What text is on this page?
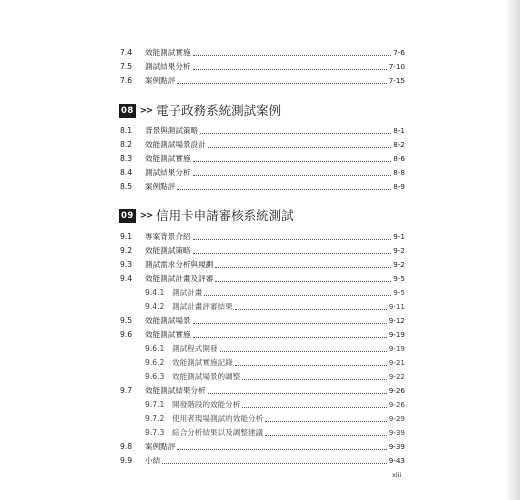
7.4	效能測試實施	7-6
7.5	測試結果分析	7-10
7.6	案例點評	7-15
08 >> 電子政務系統測試案例
8.1	背景與測試策略	8-1
8.2	效能測試場景設計	8-2
8.3	效能測試實施	8-6
8.4	測試結果分析	8-8
8.5	案例點評	8-9
09 >> 信用卡申請審核系統測試
9.1	專案背景介紹	9-1
9.2	效能測試策略	9-2
9.3	測試需求分析與規劃	9-2
9.4	效能測試計畫及評審	9-5
9.4.1	測試計畫	9-5
9.4.2	測試計畫評審結果	9-11
9.5	效能測試場景	9-12
9.6	效能測試實施	9-19
9.6.1	測試程式開發	9-19
9.6.2	效能測試實施記錄	9-21
9.6.3	效能測試場景的調整	9-22
9.7	效能測試結果分析	9-26
9.7.1	開發階段的效能分析	9-26
9.7.2	使用者現場測試的效能分析	9-29
9.7.3	綜合分析結果以及調整建議	9-39
9.8	案例點評	9-39
9.9	小結	9-43
xiii
